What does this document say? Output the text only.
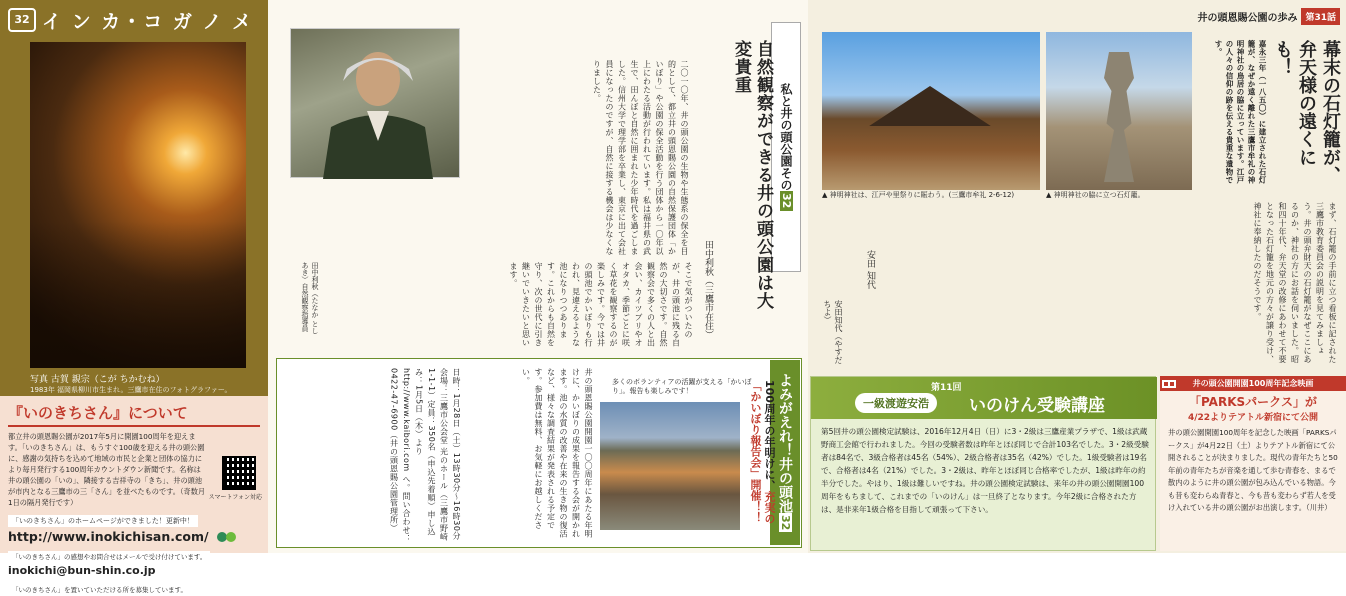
32 イ ン カ・コ ガ ノ メ
写真 古賀 親宗（こが ちかむね）
1983年 福岡県柳川市生まれ。三鷹市在住のフォトグラファー。
『いのきちさん』について

都立井の頭恩賜公園が2017年5月に開園100周年を迎えます。「いのきちさん」は、もうすぐ100歳を迎える井の頭公園に、感謝の気持ちを込めて地域の市民と企業と団体の協力により毎月発行する100周年カウントダウン新聞です。名称は井の頭公園の「いの」、隣接する吉祥寺の「きち」、井の頭池が市内となる三鷹市の三「さん」を並べたものです。（奇数月1日の隔月発行です）

スマートフォン対応
「いのきちさん」のホームページができました！更新中！
http://www.inokichisan.com/
「いのきちさん」の感想やお問合せはメールで受け付けています。
inokichi@bun-shin.co.jp
「いのきちさん」を置いていただける所を募集しています。
田中利秋（たなか としあき）自然観察指導員
私と井の頭公園その32
自然観察ができる井の頭公園は大変貴重
田中利秋（三鷹市在住）
二〇一〇年、井の頭公園の生物や生態系の保全を目的として、都立井の頭恩賜公園の自然保護団体「かいぼり」や公園の保全活動を行う団体から一〇年以上にわたる活動が行われています。私は福井県の武生で、田んぼと自然に囲まれた少年時代を過ごしました。信州大学で理学部を卒業し、東京に出て会社員になったのですが、自然に接する機会は少なくなりました。
そこで気がついたのが、井の頭池に残る自然の大切さです。自然観察会で多くの人と出会い、カイツブリやオオタカ、季節ごとに咲く草花を観察するのが楽しみです。今では井の頭池でかいぼりも行われ、見違えるような池になりつつあります。これからも自然を守り、次の世代に引き継いでいきたいと思います。
よみがえれ！井の頭池32
100周年の年明けに、充実の「かいぼり報告会」開催！！
多くのボランティアの活躍が支える「かいぼり」。報告も楽しみです！
井の頭恩賜公園開園一〇〇周年にあたる年明けに、かいぼりの成果を報告する会が開かれます。池の水質の改善や在来の生き物の復活など、様々な調査結果が発表される予定です。参加費は無料、お気軽にお越しください。
日時：1月28日（土）13時30分〜16時30分 会場：三鷹市公会堂 光のホール（三鷹市野崎1-1-1）定員：350名（申込先着順）申し込み：1月5日（木）より http://www.kaibori.com へ。問い合わせ：0422-47-6900（井の頭恩賜公園管理所）
井の頭恩賜公園の歩み 第31話
▲ 神明神社は、江戸や里祭りに賑わう。(三鷹市牟礼 2-6-12)	▲ 神明神社の脇に立つ石灯籠。
幕末の石灯籠が、弁天様の遠くにも！
嘉永三年（一八五〇）に建立された石灯籠が、なぜか遠く離れた三鷹市牟礼の神明神社の鳥居の脇に立っています。江戸の人々の信仰の跡を伝える貴重な遺物です。
まず、石灯籠の手前に立つ看板に記された三鷹市教育委員会の説明を見てみましょう。井の頭弁財天の石灯籠がなぜここにあるのか、神社の方にお話を伺いました。昭和四十年代、弁天堂の改修にあわせて不要となった石灯籠を地元の方々が譲り受け、神社に奉納したのだそうです。
安田 知代
安田知代（やすだ ちよ）
第11回
一級渡遊安浩	いのけん受験講座
第5回井の頭公園検定試験は、2016年12月4日（日）に3・2級は三鷹産業プラザで、1級は武蔵野商工会館で行われました。今回の受験者数は昨年とほぼ同じで合計103名でした。3・2級受験者は84名で、3級合格者は45名（54%）、2級合格者は35名（42%）でした。1級受験者は19名で、合格者は4名（21%）でした。3・2級は、昨年とほぼ同じ合格率でしたが、1級は昨年の約半分でした。やはり、1級は難しいですね。井の頭公園検定試験は、来年の井の頭公園開園100周年をもちまして、これまでの「いのけん」は一旦終了となります。今年2級に合格された方は、是非来年1級合格を目指して頑張って下さい。
井の頭公園開園100周年記念映画
「PARKSパークス」が
4/22よりテアトル新宿にて公開
井の頭公園開園100周年を記念した映画「PARKSパークス」が4月22日（土）よりテアトル新宿にて公開されることが決まりました。現代の青年たちと50年前の青年たちが音楽を通して歩む青春を、まるで散内のように井の頭公園が包み込んでいる物語。今も昔も変わらぬ青春と、今も昔も変わらず若人を受け入れている井の頭公園がお出演します。（川井）
